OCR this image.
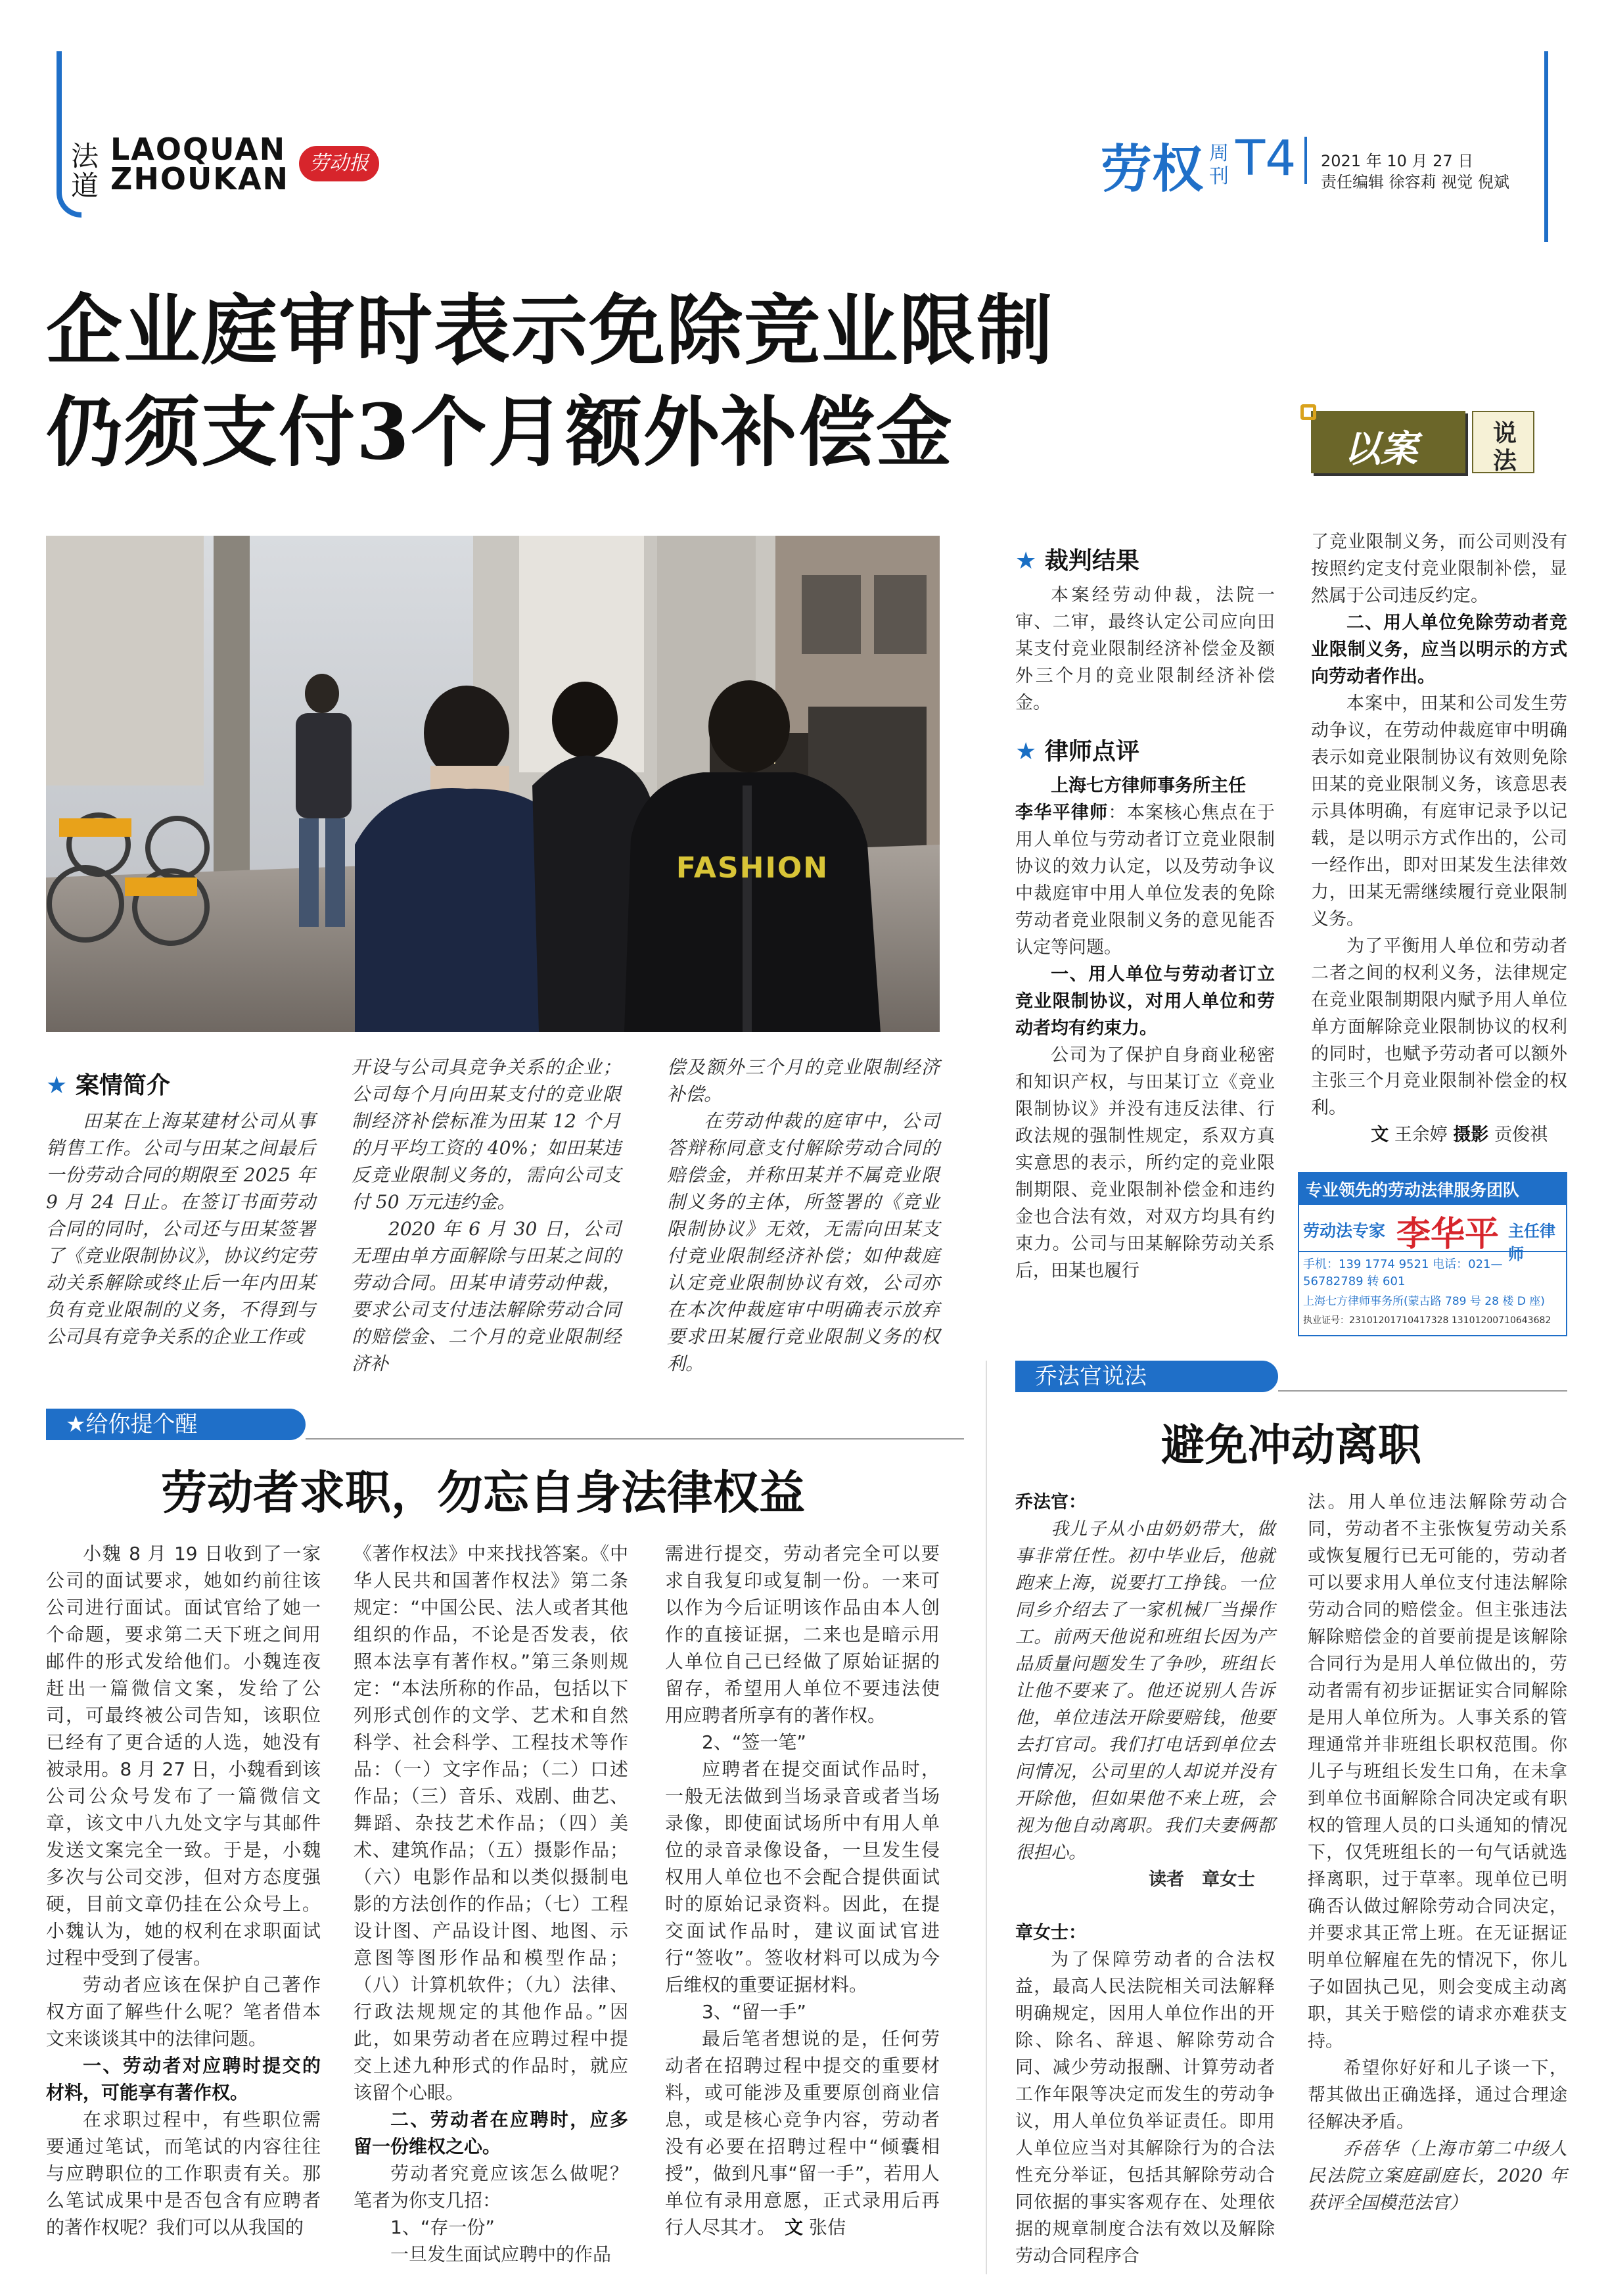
法
道
LAOQUAN
ZHOUKAN	劳动报	劳权 周
刊 T4 2021 年 10 月 27 日
责任编辑 徐容莉 视觉 倪斌
企业庭审时表示免除竞业限制
仍须支付3个月额外补偿金	以案	说
法
FASHION
★ 案情简介

田某在上海某建材公司从事销售工作。公司与田某之间最后一份劳动合同的期限至 2025 年 9 月 24 日止。在签订书面劳动合同的同时，公司还与田某签署了《竞业限制协议》，协议约定劳动关系解除或终止后一年内田某负有竞业限制的义务，不得到与公司具有竞争关系的企业工作或

开设与公司具竞争关系的企业；公司每个月向田某支付的竞业限制经济补偿标准为田某 12 个月的月平均工资的 40%；如田某违反竞业限制义务的，需向公司支付 50 万元违约金。

2020 年 6 月 30 日，公司无理由单方面解除与田某之间的劳动合同。田某申请劳动仲裁，要求公司支付违法解除劳动合同的赔偿金、二个月的竞业限制经济补

偿及额外三个月的竞业限制经济补偿。

在劳动仲裁的庭审中，公司答辩称同意支付解除劳动合同的赔偿金，并称田某并不属竞业限制义务的主体，所签署的《竞业限制协议》无效，无需向田某支付竞业限制经济补偿；如仲裁庭认定竞业限制协议有效，公司亦在本次仲裁庭审中明确表示放弃要求田某履行竞业限制义务的权利。

★ 裁判结果

本案经劳动仲裁，法院一审、二审，最终认定公司应向田某支付竞业限制经济补偿金及额外三个月的竞业限制经济补偿金。

★ 律师点评

上海七方律师事务所主任

李华平律师：本案核心焦点在于用人单位与劳动者订立竞业限制协议的效力认定，以及劳动争议中裁庭审中用人单位发表的免除劳动者竞业限制义务的意见能否认定等问题。

一、用人单位与劳动者订立竞业限制协议，对用人单位和劳动者均有约束力。

公司为了保护自身商业秘密和知识产权，与田某订立《竞业限制协议》并没有违反法律、行政法规的强制性规定，系双方真实意思的表示，所约定的竞业限制期限、竞业限制补偿金和违约金也合法有效，对双方均具有约束力。公司与田某解除劳动关系后，田某也履行

了竞业限制义务，而公司则没有按照约定支付竞业限制补偿，显然属于公司违反约定。

二、用人单位免除劳动者竞业限制义务，应当以明示的方式向劳动者作出。

本案中，田某和公司发生劳动争议，在劳动仲裁庭审中明确表示如竞业限制协议有效则免除田某的竞业限制义务，该意思表示具体明确，有庭审记录予以记载，是以明示方式作出的，公司一经作出，即对田某发生法律效力，田某无需继续履行竞业限制义务。

为了平衡用人单位和劳动者二者之间的权利义务，法律规定在竞业限制期限内赋予用人单位单方面解除竞业限制协议的权利的同时，也赋予劳动者可以额外主张三个月竞业限制补偿金的权利。

文 王余婷 摄影 贡俊祺

专业领先的劳动法律服务团队
劳动法专家 李华平 主任律师
手机：139 1774 9521 电话：021—56782789 转 601
上海七方律师事务所(蒙古路 789 号 28 楼 D 座)
执业证号：23101201710417328 13101200710643682
★给你提个醒
劳动者求职，勿忘自身法律权益

小魏 8 月 19 日收到了一家公司的面试要求，她如约前往该公司进行面试。面试官给了她一个命题，要求第二天下班之间用邮件的形式发给他们。小魏连夜赶出一篇微信文案，发给了公司，可最终被公司告知，该职位已经有了更合适的人选，她没有被录用。8 月 27 日，小魏看到该公司公众号发布了一篇微信文章，该文中八九处文字与其邮件发送文案完全一致。于是，小魏多次与公司交涉，但对方态度强硬，目前文章仍挂在公众号上。小魏认为，她的权利在求职面试过程中受到了侵害。

劳动者应该在保护自己著作权方面了解些什么呢？笔者借本文来谈谈其中的法律问题。

一、劳动者对应聘时提交的材料，可能享有著作权。

在求职过程中，有些职位需要通过笔试，而笔试的内容往往与应聘职位的工作职责有关。那么笔试成果中是否包含有应聘者的著作权呢？我们可以从我国的

《著作权法》中来找找答案。《中华人民共和国著作权法》第二条规定：“中国公民、法人或者其他组织的作品，不论是否发表，依照本法享有著作权。”第三条则规定：“本法所称的作品，包括以下列形式创作的文学、艺术和自然科学、社会科学、工程技术等作品：（一）文字作品；（二）口述作品；（三）音乐、戏剧、曲艺、舞蹈、杂技艺术作品；（四）美术、建筑作品；（五）摄影作品；（六）电影作品和以类似摄制电影的方法创作的作品；（七）工程设计图、产品设计图、地图、示意图等图形作品和模型作品；（八）计算机软件；（九）法律、行政法规规定的其他作品。”因此，如果劳动者在应聘过程中提交上述九种形式的作品时，就应该留个心眼。

二、劳动者在应聘时，应多留一份维权之心。

劳动者究竟应该怎么做呢？笔者为你支几招：

1、“存一份”

一旦发生面试应聘中的作品

需进行提交，劳动者完全可以要求自我复印或复制一份。一来可以作为今后证明该作品由本人创作的直接证据，二来也是暗示用人单位自己已经做了原始证据的留存，希望用人单位不要违法使用应聘者所享有的著作权。

2、“签一笔”

应聘者在提交面试作品时，一般无法做到当场录音或者当场录像，即使面试场所中有用人单位的录音录像设备，一旦发生侵权用人单位也不会配合提供面试时的原始记录资料。因此，在提交面试作品时，建议面试官进行“签收”。签收材料可以成为今后维权的重要证据材料。

3、“留一手”

最后笔者想说的是，任何劳动者在招聘过程中提交的重要材料，或可能涉及重要原创商业信息，或是核心竞争内容，劳动者没有必要在招聘过程中“倾囊相授”，做到凡事“留一手”，若用人单位有录用意愿，正式录用后再行人尽其才。　 文 张佶

乔法官说法
避免冲动离职

乔法官：

我儿子从小由奶奶带大，做事非常任性。初中毕业后，他就跑来上海，说要打工挣钱。一位同乡介绍去了一家机械厂当操作工。前两天他说和班组长因为产品质量问题发生了争吵，班组长让他不要来了。他还说别人告诉他，单位违法开除要赔钱，他要去打官司。我们打电话到单位去问情况，公司里的人却说并没有开除他，但如果他不来上班，会视为他自动离职。我们夫妻俩都很担心。

读者　章女士

章女士：

为了保障劳动者的合法权益，最高人民法院相关司法解释明确规定，因用人单位作出的开除、除名、辞退、解除劳动合同、减少劳动报酬、计算劳动者工作年限等决定而发生的劳动争议，用人单位负举证责任。即用人单位应当对其解除行为的合法性充分举证，包括其解除劳动合同依据的事实客观存在、处理依据的规章制度合法有效以及解除劳动合同程序合

法。用人单位违法解除劳动合同，劳动者不主张恢复劳动关系或恢复履行已无可能的，劳动者可以要求用人单位支付违法解除劳动合同的赔偿金。但主张违法解除赔偿金的首要前提是该解除合同行为是用人单位做出的，劳动者需有初步证据证实合同解除是用人单位所为。人事关系的管理通常并非班组长职权范围。你儿子与班组长发生口角，在未拿到单位书面解除合同决定或有职权的管理人员的口头通知的情况下，仅凭班组长的一句气话就选择离职，过于草率。现单位已明确否认做过解除劳动合同决定，并要求其正常上班。在无证据证明单位解雇在先的情况下，你儿子如固执己见，则会变成主动离职，其关于赔偿的请求亦难获支持。

希望你好好和儿子谈一下，帮其做出正确选择，通过合理途径解决矛盾。

乔蓓华（上海市第二中级人民法院立案庭副庭长，2020 年获评全国模范法官）
